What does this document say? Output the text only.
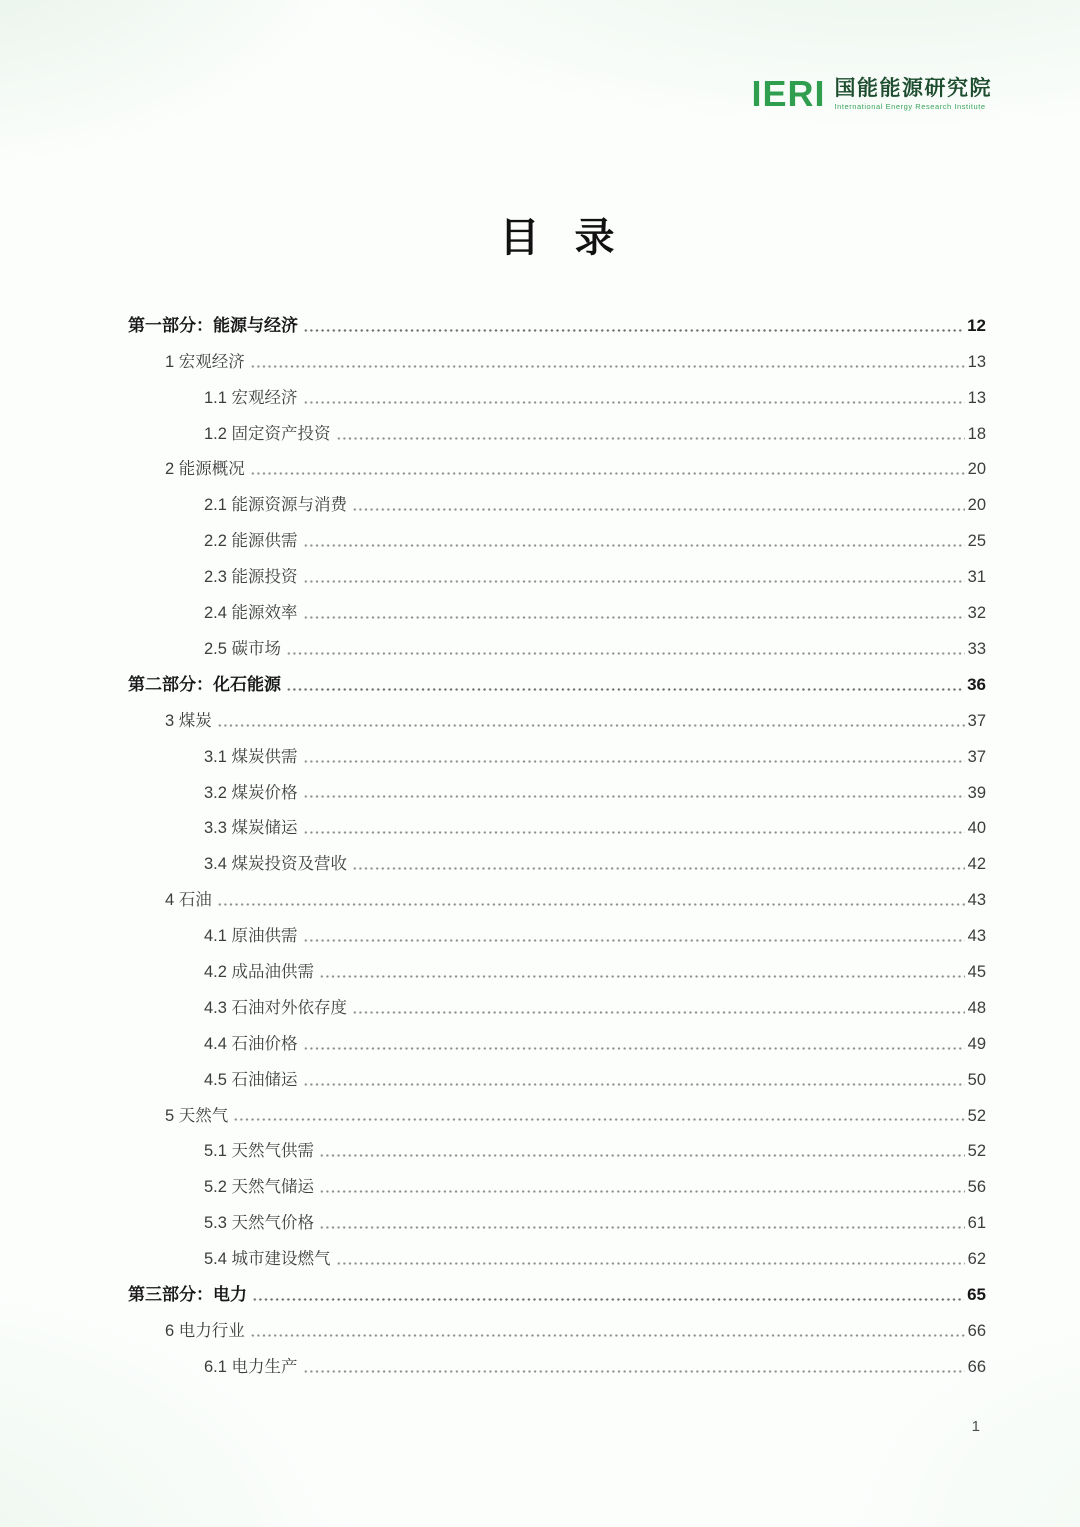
IERI 国能能源研究院
International Energy Research Institute
目 录
第一部分：能源与经济	12
1 宏观经济	13
1.1 宏观经济	13
1.2 固定资产投资	18
2 能源概况	20
2.1 能源资源与消费	20
2.2 能源供需	25
2.3 能源投资	31
2.4 能源效率	32
2.5 碳市场	33
第二部分：化石能源	36
3 煤炭	37
3.1 煤炭供需	37
3.2 煤炭价格	39
3.3 煤炭储运	40
3.4 煤炭投资及营收	42
4 石油	43
4.1 原油供需	43
4.2 成品油供需	45
4.3 石油对外依存度	48
4.4 石油价格	49
4.5 石油储运	50
5 天然气	52
5.1 天然气供需	52
5.2 天然气储运	56
5.3 天然气价格	61
5.4 城市建设燃气	62
第三部分：电力	65
6 电力行业	66
6.1 电力生产	66
1
